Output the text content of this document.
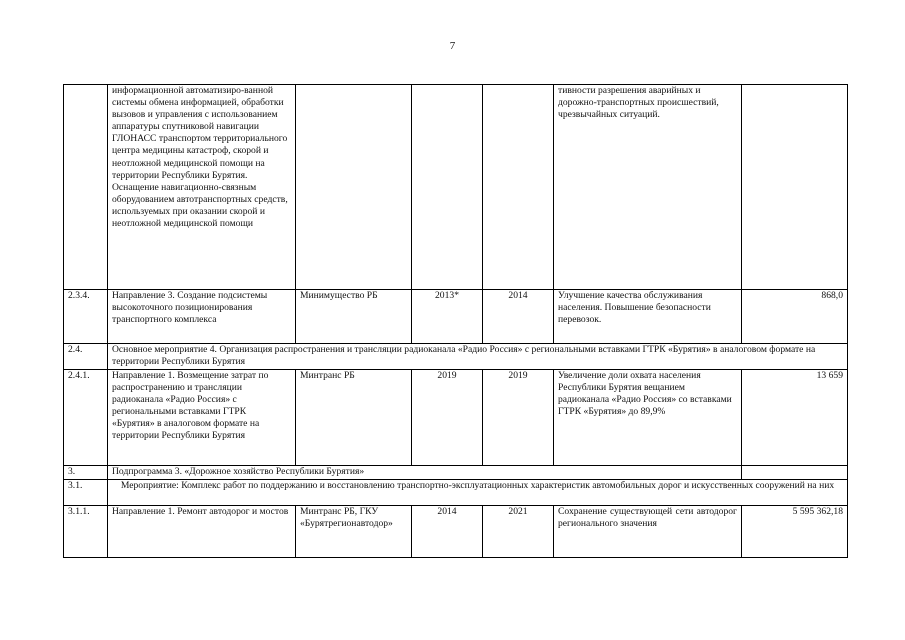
7
	информационной автоматизиро-ванной системы обмена информацией, обработки вызовов и управления с использованием аппаратуры спутниковой навигации ГЛОНАСС транспортом территориального центра медицины катастроф, скорой и неотложной медицинской помощи на территории Республики Бурятия. Оснащение навигационно-связным оборудованием автотранспортных средств, используемых при оказании скорой и неотложной медицинской помощи				тивности разрешения аварийных и дорожно-транспортных происшествий, чрезвычайных ситуаций.	
2.3.4.	Направление 3. Создание подсистемы высокоточного позиционирования транспортного комплекса	Минимущество РБ	2013*	2014	Улучшение качества обслуживания населения. Повышение безопасности перевозок.	868,0
2.4.	Основное мероприятие 4. Организация распространения и трансляции радиоканала «Радио Россия» с региональными вставками ГТРК «Бурятия» в аналоговом формате на территории Республики Бурятия					
2.4.1.	Направление 1. Возмещение затрат по распространению и трансляции радиоканала «Радио Россия» с региональными вставками ГТРК «Бурятия» в аналоговом формате на территории Республики Бурятия	Минтранс РБ	2019	2019	Увеличение доли охвата населения Республики Бурятия вещанием радиоканала «Радио Россия» со вставками ГТРК «Бурятия» до 89,9%	13 659
3.	Подпрограмма 3. «Дорожное хозяйство Республики Бурятия»					
3.1.	Мероприятие: Комплекс работ по поддержанию и восстановлению транспортно-эксплуатационных характеристик автомобильных дорог и искусственных сооружений на них					
3.1.1.	Направление 1. Ремонт автодорог и мостов	Минтранс РБ, ГКУ «Бурятрегионавтодор»	2014	2021	Сохранение существующей сети автодорог регионального значения	5 595 362,18
